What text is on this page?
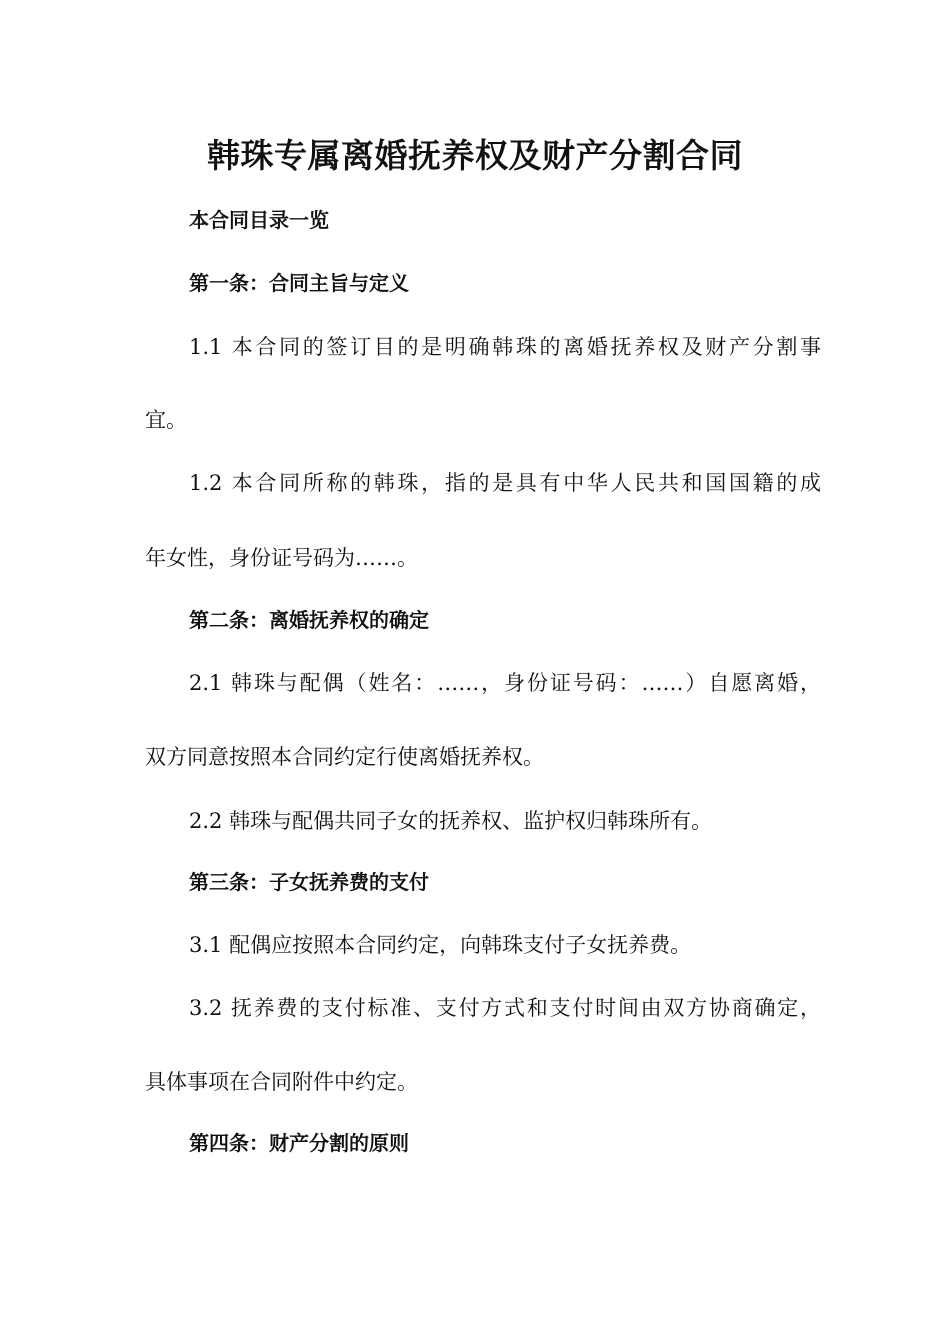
韩珠专属离婚抚养权及财产分割合同
本合同目录一览
第一条：合同主旨与定义
1.1 本合同的签订目的是明确韩珠的离婚抚养权及财产分割事
宜。
1.2 本合同所称的韩珠，指的是具有中华人民共和国国籍的成
年女性，身份证号码为……。
第二条：离婚抚养权的确定
2.1 韩珠与配偶（姓名：……，身份证号码：……）自愿离婚，
双方同意按照本合同约定行使离婚抚养权。
2.2 韩珠与配偶共同子女的抚养权、监护权归韩珠所有。
第三条：子女抚养费的支付
3.1 配偶应按照本合同约定，向韩珠支付子女抚养费。
3.2 抚养费的支付标准、支付方式和支付时间由双方协商确定，
具体事项在合同附件中约定。
第四条：财产分割的原则
